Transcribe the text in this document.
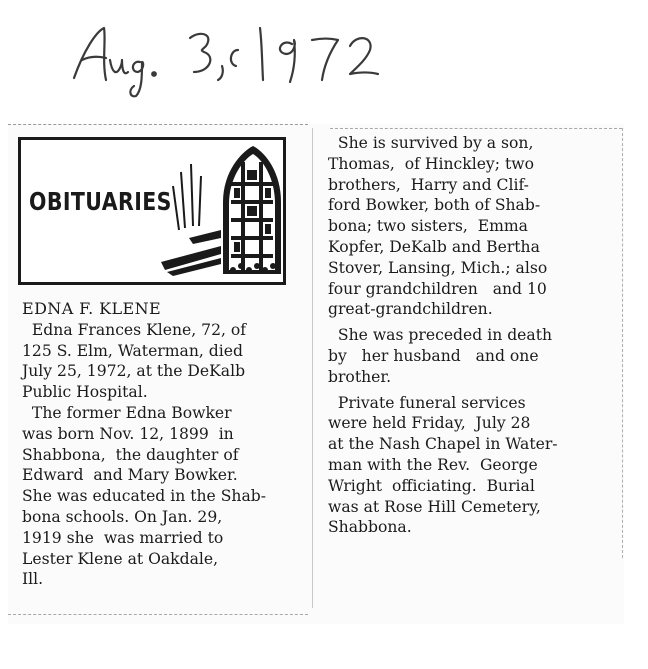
OBITUARIES
EDNA F. KLENE
Edna Frances Klene, 72, of
125 S. Elm, Waterman, died
July 25, 1972, at the DeKalb
Public Hospital.
The former Edna Bowker
was born Nov. 12, 1899  in
Shabbona,  the daughter of
Edward  and Mary Bowker.
She was educated in the Shab-
bona schools. On Jan. 29,
1919 she  was married to
Lester Klene at Oakdale,
Ill.
She is survived by a son,
Thomas,  of Hinckley; two
brothers,  Harry and Clif-
ford Bowker, both of Shab-
bona; two sisters,  Emma
Kopfer, DeKalb and Bertha
Stover, Lansing, Mich.; also
four grandchildren   and 10
great-grandchildren.
She was preceded in death
by   her husband   and one
brother.
Private funeral services
were held Friday,  July 28
at the Nash Chapel in Water-
man with the Rev.  George
Wright  officiating.  Burial
was at Rose Hill Cemetery,
Shabbona.
